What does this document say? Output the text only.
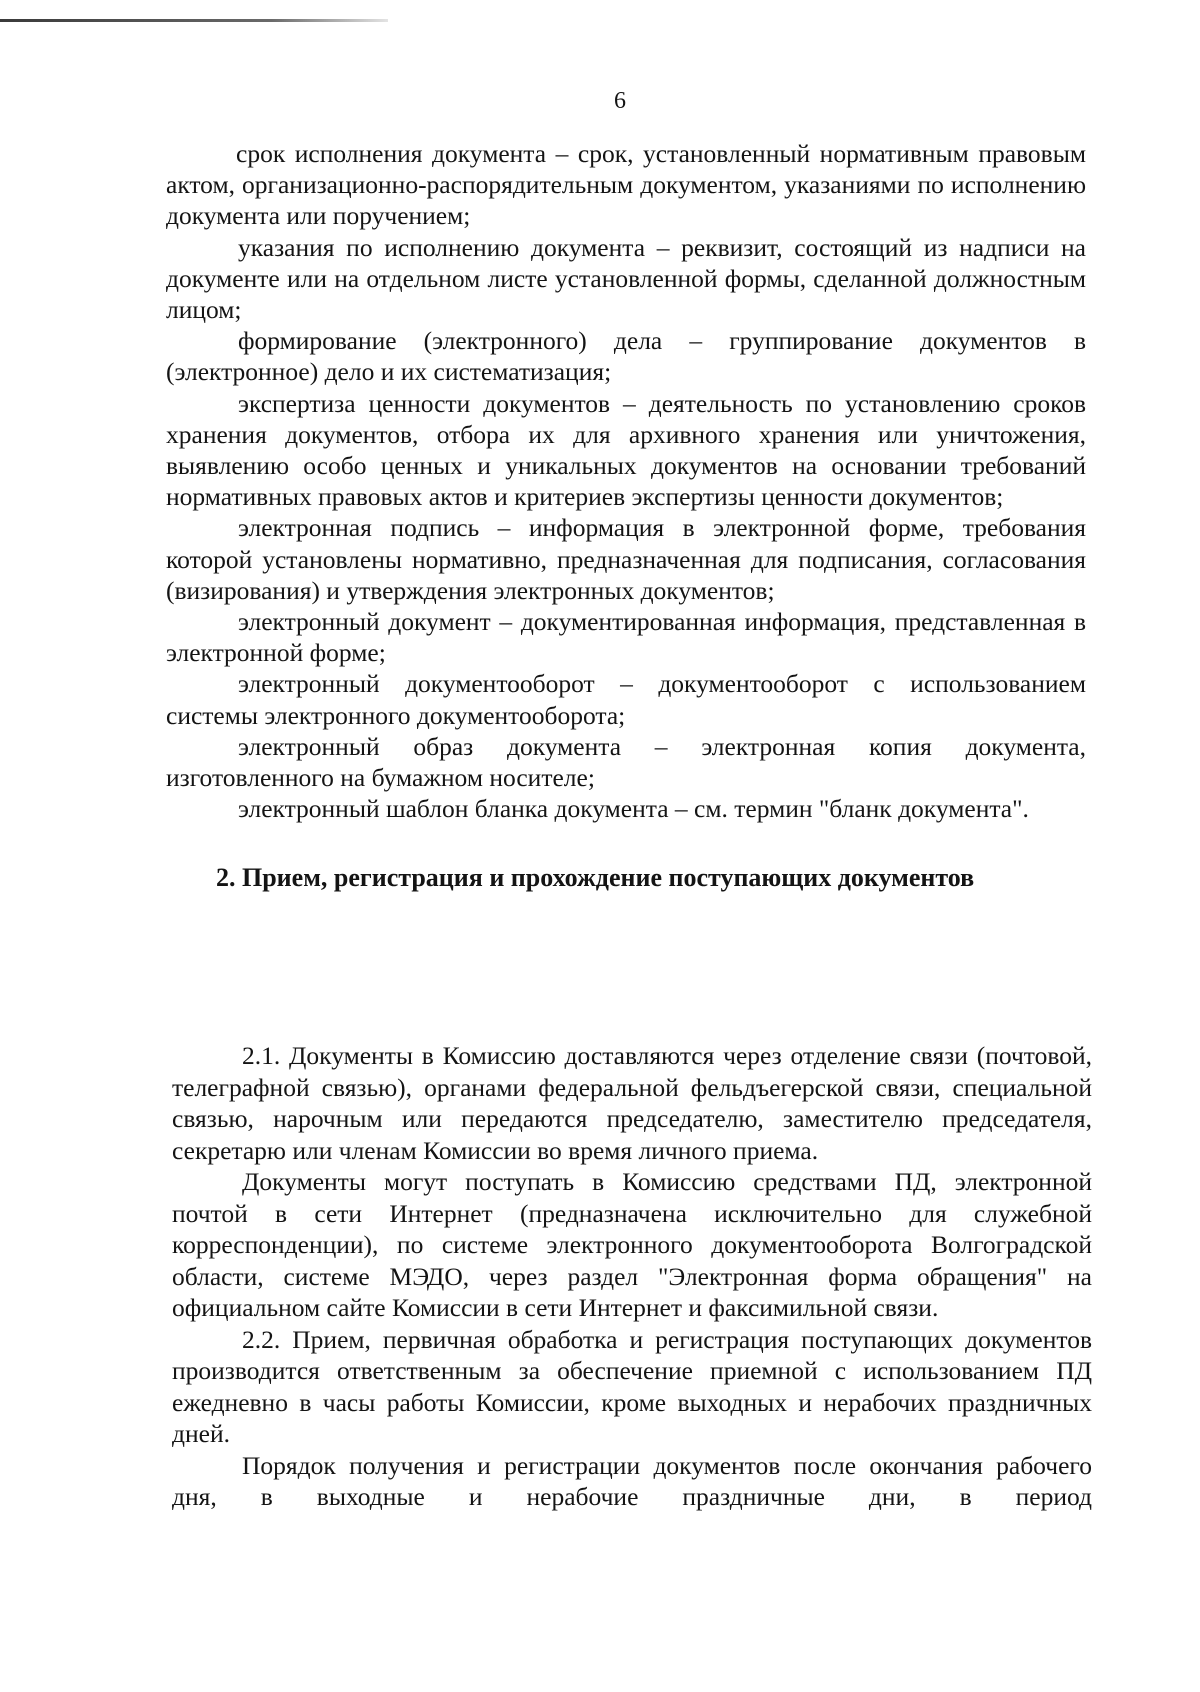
6

срок исполнения документа – срок, установленный нормативным правовым актом, организационно-распорядительным документом, указаниями по исполнению документа или поручением;

указания по исполнению документа – реквизит, состоящий из надписи на документе или на отдельном листе установленной формы, сделанной должностным лицом;

формирование (электронного) дела – группирование документов в (электронное) дело и их систематизация;

экспертиза ценности документов – деятельность по установлению сроков хранения документов, отбора их для архивного хранения или уничтожения, выявлению особо ценных и уникальных документов на основании требований нормативных правовых актов и критериев экспертизы ценности документов;

электронная подпись – информация в электронной форме, требования которой установлены нормативно, предназначенная для подписания, согласования (визирования) и утверждения электронных документов;

электронный документ – документированная информация, представленная в электронной форме;

электронный документооборот – документооборот с использованием системы электронного документооборота;

электронный образ документа – электронная копия документа, изготовленного на бумажном носителе;

электронный шаблон бланка документа – см. термин "бланк документа".

2. Прием, регистрация и прохождение поступающих документов

2.1. Документы в Комиссию доставляются через отделение связи (почтовой, телеграфной связью), органами федеральной фельдъегерской связи, специальной связью, нарочным или передаются председателю, заместителю председателя, секретарю или членам Комиссии во время личного приема.

Документы могут поступать в Комиссию средствами ПД, электронной почтой в сети Интернет (предназначена исключительно для служебной корреспонденции), по системе электронного документооборота Волгоградской области, системе МЭДО, через раздел "Электронная форма обращения" на официальном сайте Комиссии в сети Интернет и факсимильной связи.

2.2. Прием, первичная обработка и регистрация поступающих документов производится ответственным за обеспечение приемной с использованием ПД ежедневно в часы работы Комиссии, кроме выходных и нерабочих праздничных дней.

Порядок получения и регистрации документов после окончания рабочего дня, в выходные и нерабочие праздничные дни, в период
